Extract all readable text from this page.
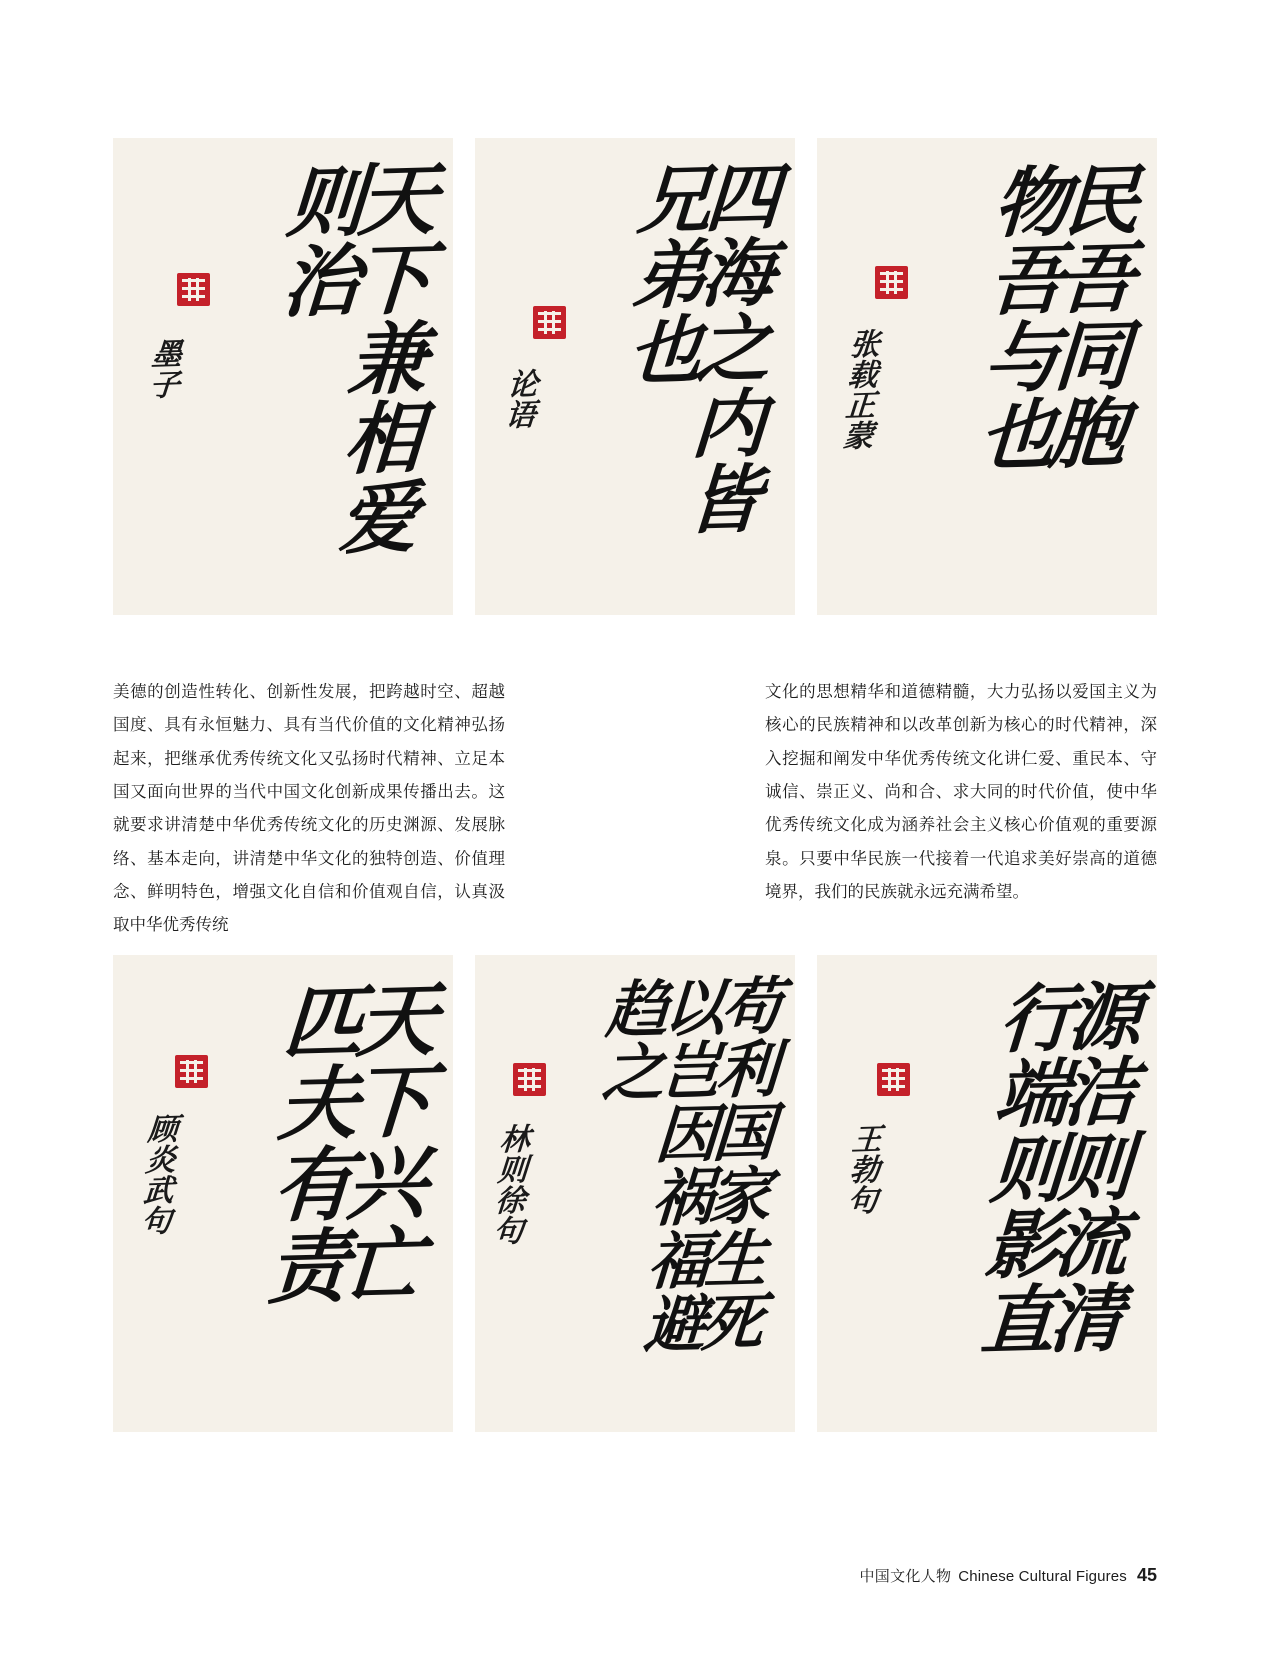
天下兼相爱
则治
墨子	四海之内皆
兄弟也
论语	民吾同胞
物吾与也
张载正蒙
美德的创造性转化、创新性发展，把跨越时空、超越国度、具有永恒魅力、具有当代价值的文化精神弘扬起来，把继承优秀传统文化又弘扬时代精神、立足本国又面向世界的当代中国文化创新成果传播出去。这就要求讲清楚中华优秀传统文化的历史渊源、发展脉络、基本走向，讲清楚中华文化的独特创造、价值理念、鲜明特色，增强文化自信和价值观自信，认真汲取中华优秀传统
文化的思想精华和道德精髓，大力弘扬以爱国主义为核心的民族精神和以改革创新为核心的时代精神，深入挖掘和阐发中华优秀传统文化讲仁爱、重民本、守诚信、崇正义、尚和合、求大同的时代价值，使中华优秀传统文化成为涵养社会主义核心价值观的重要源泉。只要中华民族一代接着一代追求美好崇高的道德境界，我们的民族就永远充满希望。
天下兴亡
匹夫有责
顾炎武句	苟利国家生死
以岂因祸福避
趋之
林则徐句	源洁则流清
行端则影直
王勃句
中国文化人物 Chinese Cultural Figures 45
